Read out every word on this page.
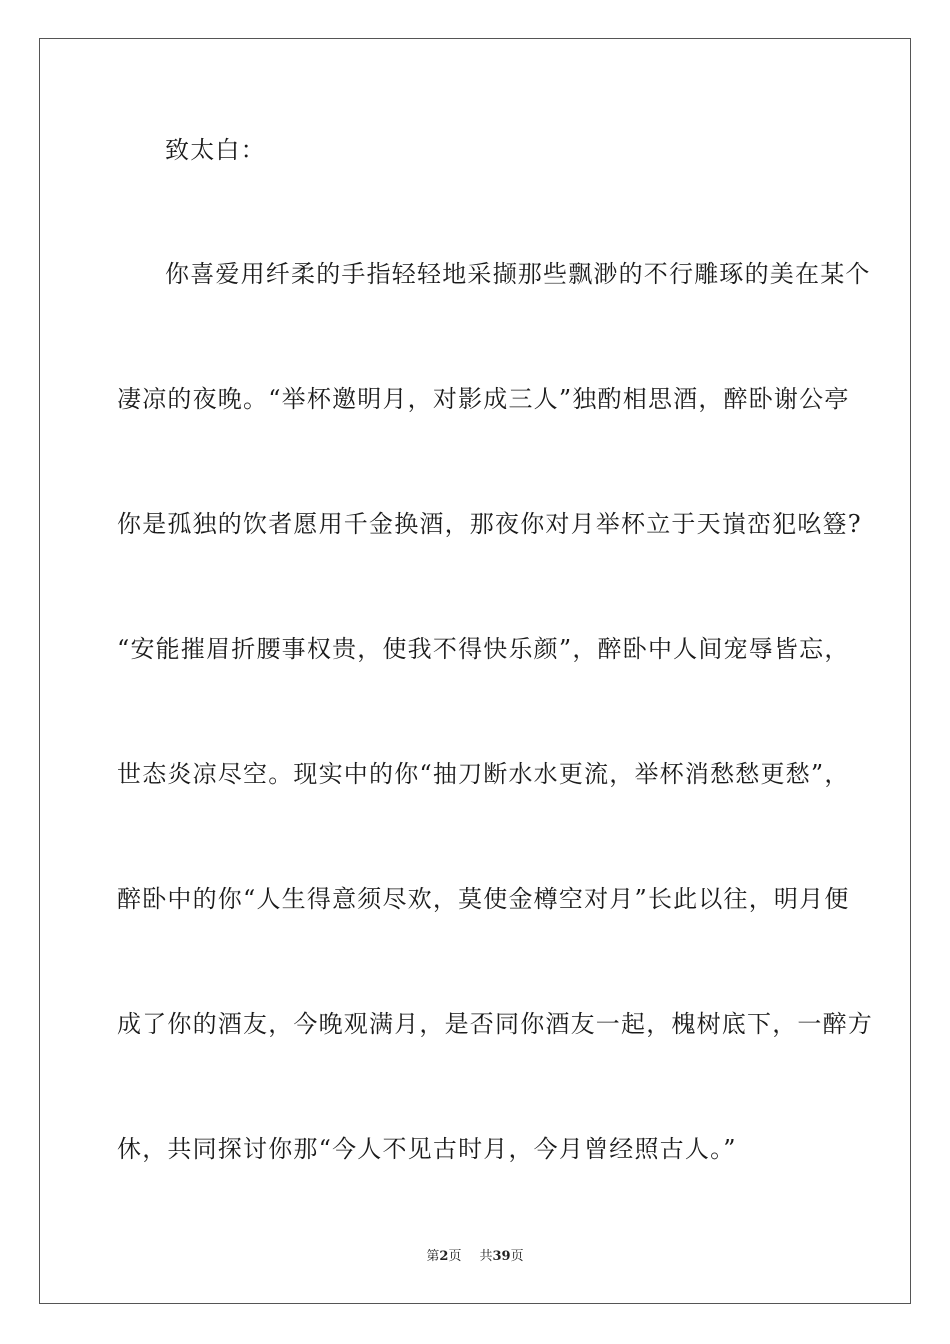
致太白：
你喜爱用纤柔的手指轻轻地采撷那些飘渺的不行雕琢的美在某个
凄凉的夜晚。“举杯邀明月，对影成三人”独酌相思酒，醉卧谢公亭
你是孤独的饮者愿用千金换酒，那夜你对月举杯立于天嵿峦犯吆簦?
“安能摧眉折腰事权贵，使我不得快乐颜”，醉卧中人间宠辱皆忘，
世态炎凉尽空。现实中的你“抽刀断水水更流，举杯消愁愁更愁”，
醉卧中的你“人生得意须尽欢，莫使金樽空对月”长此以往，明月便
成了你的酒友，今晚观满月，是否同你酒友一起，槐树底下，一醉方
休，共同探讨你那“今人不见古时月，今月曾经照古人。”
第2页 共39页
